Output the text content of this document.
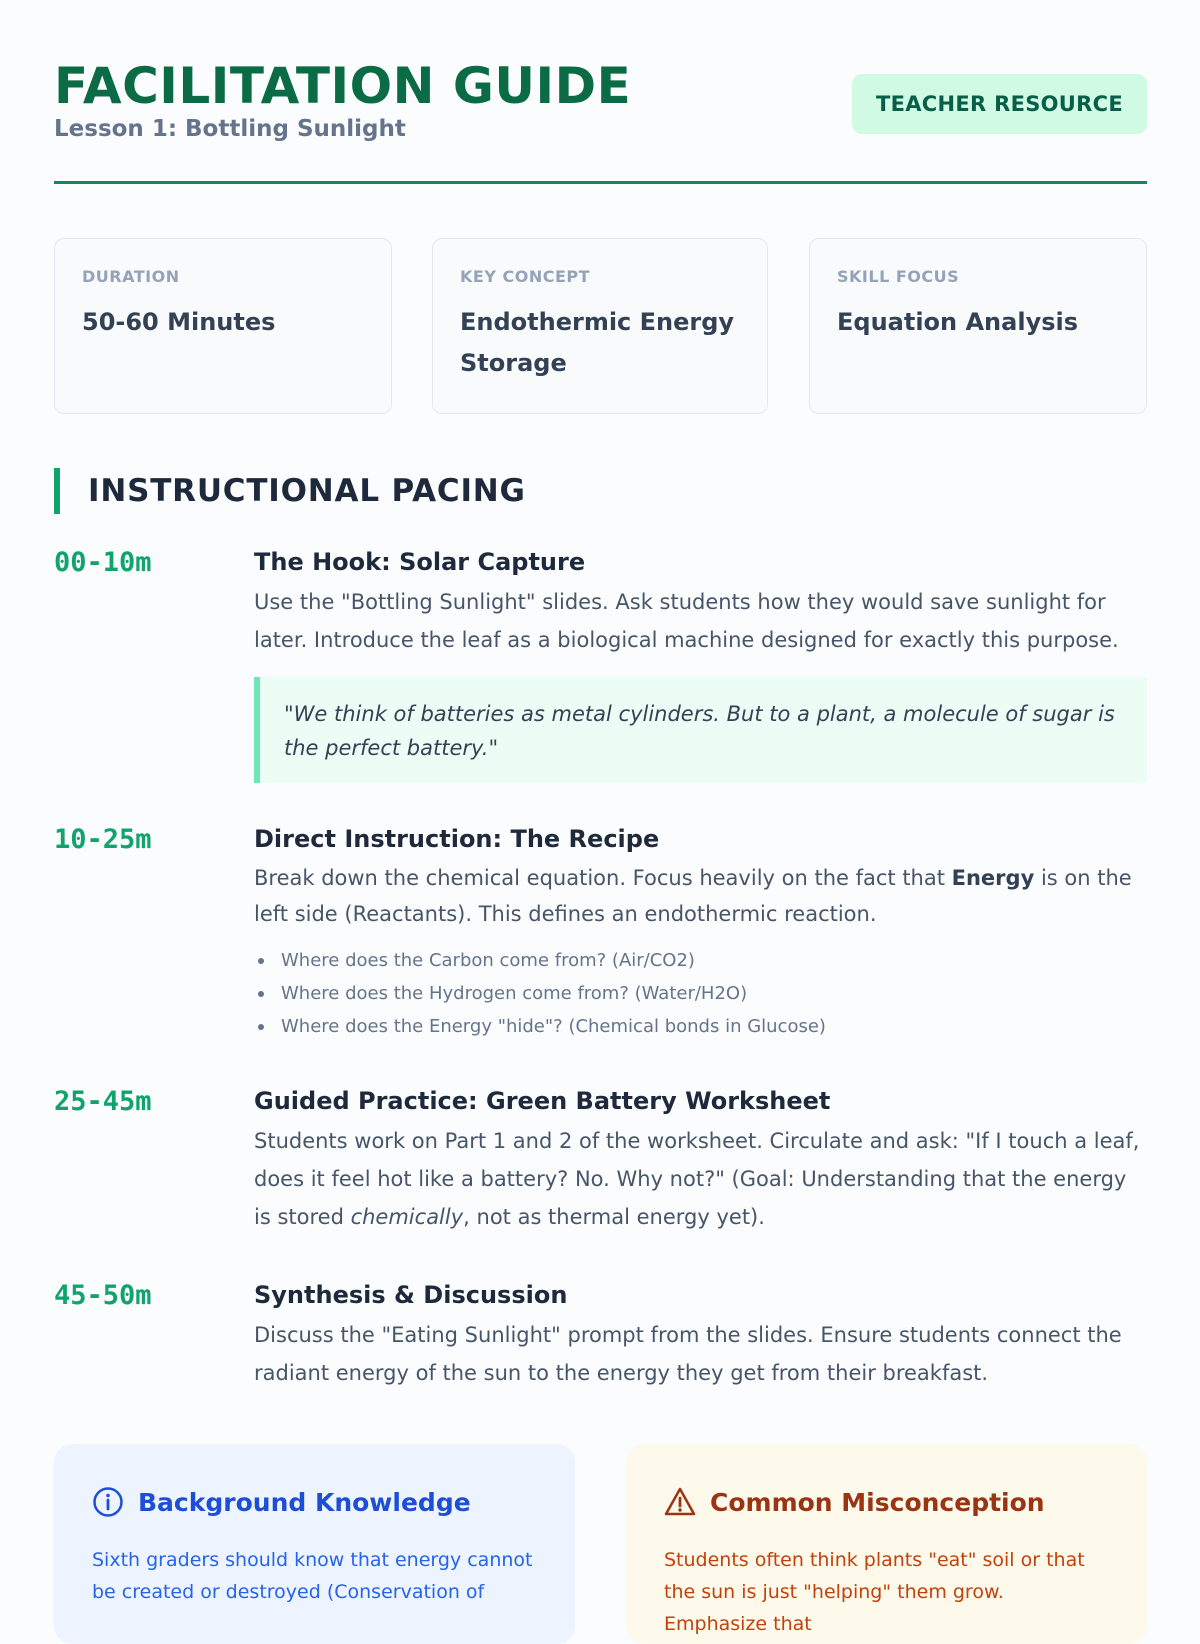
FACILITATION GUIDE
Lesson 1: Bottling Sunlight
TEACHER RESOURCE
DURATION
50-60 Minutes
KEY CONCEPT
Endothermic Energy Storage
SKILL FOCUS
Equation Analysis
INSTRUCTIONAL PACING
00-10m	The Hook: Solar Capture
Use the "Bottling Sunlight" slides. Ask students how they would save sunlight for later. Introduce the leaf as a biological machine designed for exactly this purpose.
"We think of batteries as metal cylinders. But to a plant, a molecule of sugar is the perfect battery."
10-25m	Direct Instruction: The Recipe
Break down the chemical equation. Focus heavily on the fact that Energy is on the left side (Reactants). This defines an endothermic reaction.
Where does the Carbon come from? (Air/CO2)
Where does the Hydrogen come from? (Water/H2O)
Where does the Energy "hide"? (Chemical bonds in Glucose)
25-45m	Guided Practice: Green Battery Worksheet
Students work on Part 1 and 2 of the worksheet. Circulate and ask: "If I touch a leaf, does it feel hot like a battery? No. Why not?" (Goal: Understanding that the energy is stored chemically, not as thermal energy yet).
45-50m	Synthesis & Discussion
Discuss the "Eating Sunlight" prompt from the slides. Ensure students connect the radiant energy of the sun to the energy they get from their breakfast.
Background Knowledge
Sixth graders should know that energy cannot be created or destroyed (Conservation of
Common Misconception
Students often think plants "eat" soil or that the sun is just "helping" them grow. Emphasize that
